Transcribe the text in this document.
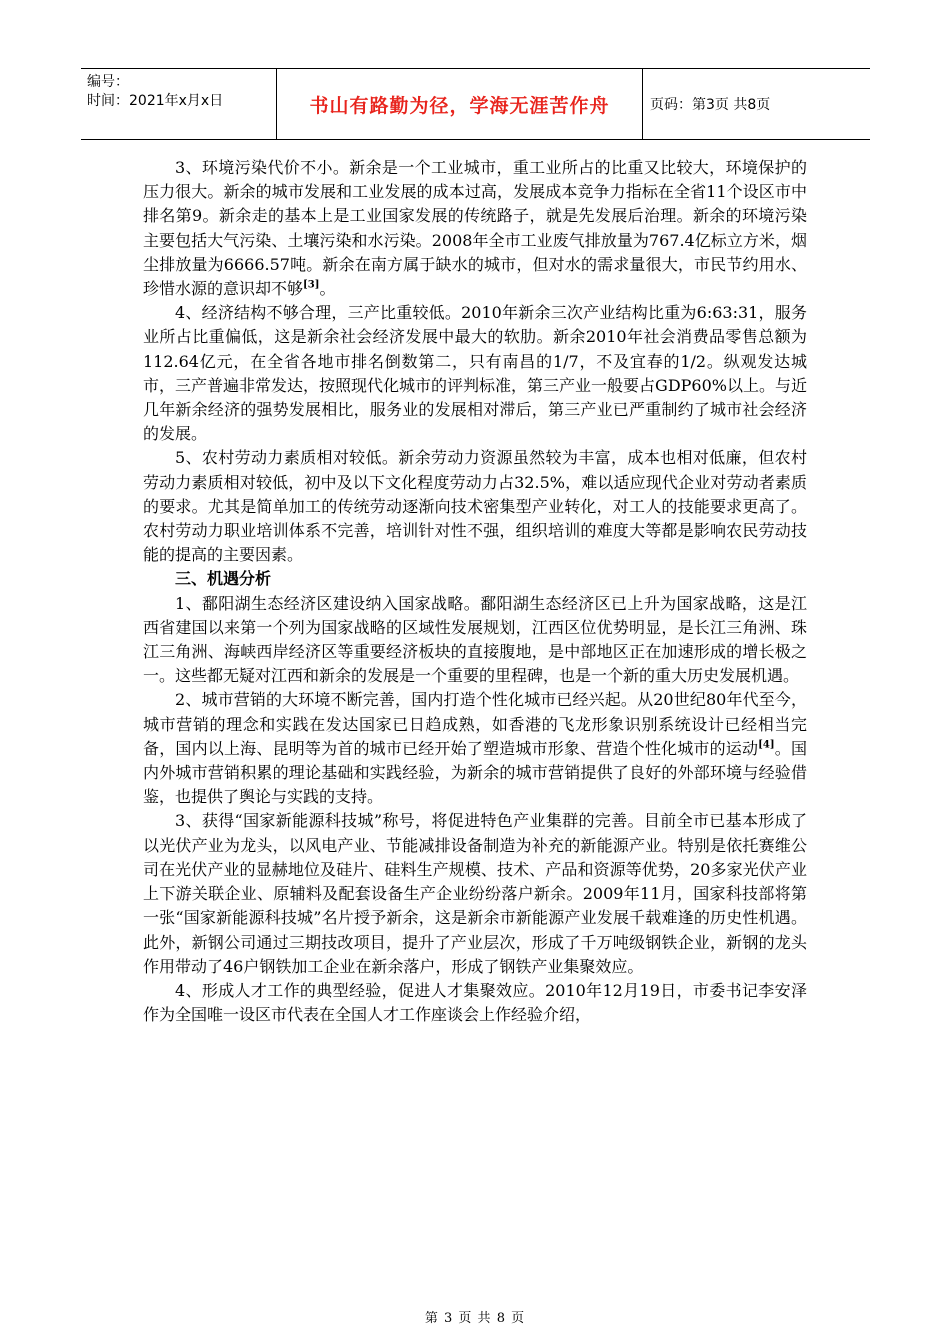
编号：
时间：2021年x月x日	书山有路勤为径，学海无涯苦作舟	页码：第3页 共8页

3、环境污染代价不小。新余是一个工业城市，重工业所占的比重又比较大，环境保护的压力很大。新余的城市发展和工业发展的成本过高，发展成本竞争力指标在全省11个设区市中排名第9。新余走的基本上是工业国家发展的传统路子，就是先发展后治理。新余的环境污染主要包括大气污染、土壤污染和水污染。2008年全市工业废气排放量为767.4亿标立方米，烟尘排放量为6666.57吨。新余在南方属于缺水的城市，但对水的需求量很大，市民节约用水、珍惜水源的意识却不够[3]。

4、经济结构不够合理，三产比重较低。2010年新余三次产业结构比重为6:63:31，服务业所占比重偏低，这是新余社会经济发展中最大的软肋。新余2010年社会消费品零售总额为112.64亿元，在全省各地市排名倒数第二，只有南昌的1/7，不及宜春的1/2。纵观发达城市，三产普遍非常发达，按照现代化城市的评判标准，第三产业一般要占GDP60%以上。与近几年新余经济的强势发展相比，服务业的发展相对滞后，第三产业已严重制约了城市社会经济的发展。

5、农村劳动力素质相对较低。新余劳动力资源虽然较为丰富，成本也相对低廉，但农村劳动力素质相对较低，初中及以下文化程度劳动力占32.5%，难以适应现代企业对劳动者素质的要求。尤其是简单加工的传统劳动逐渐向技术密集型产业转化，对工人的技能要求更高了。农村劳动力职业培训体系不完善，培训针对性不强，组织培训的难度大等都是影响农民劳动技能的提高的主要因素。

三、机遇分析

1、鄱阳湖生态经济区建设纳入国家战略。鄱阳湖生态经济区已上升为国家战略，这是江西省建国以来第一个列为国家战略的区域性发展规划，江西区位优势明显，是长江三角洲、珠江三角洲、海峡西岸经济区等重要经济板块的直接腹地，是中部地区正在加速形成的增长极之一。这些都无疑对江西和新余的发展是一个重要的里程碑，也是一个新的重大历史发展机遇。

2、城市营销的大环境不断完善，国内打造个性化城市已经兴起。从20世纪80年代至今，城市营销的理念和实践在发达国家已日趋成熟，如香港的飞龙形象识别系统设计已经相当完备，国内以上海、昆明等为首的城市已经开始了塑造城市形象、营造个性化城市的运动[4]。国内外城市营销积累的理论基础和实践经验，为新余的城市营销提供了良好的外部环境与经验借鉴，也提供了舆论与实践的支持。

3、获得“国家新能源科技城”称号，将促进特色产业集群的完善。目前全市已基本形成了以光伏产业为龙头，以风电产业、节能减排设备制造为补充的新能源产业。特别是依托赛维公司在光伏产业的显赫地位及硅片、硅料生产规模、技术、产品和资源等优势，20多家光伏产业上下游关联企业、原辅料及配套设备生产企业纷纷落户新余。2009年11月，国家科技部将第一张“国家新能源科技城”名片授予新余，这是新余市新能源产业发展千载难逢的历史性机遇。此外，新钢公司通过三期技改项目，提升了产业层次，形成了千万吨级钢铁企业，新钢的龙头作用带动了46户钢铁加工企业在新余落户，形成了钢铁产业集聚效应。

4、形成人才工作的典型经验，促进人才集聚效应。2010年12月19日，市委书记李安泽作为全国唯一设区市代表在全国人才工作座谈会上作经验介绍，

第 3 页 共 8 页
